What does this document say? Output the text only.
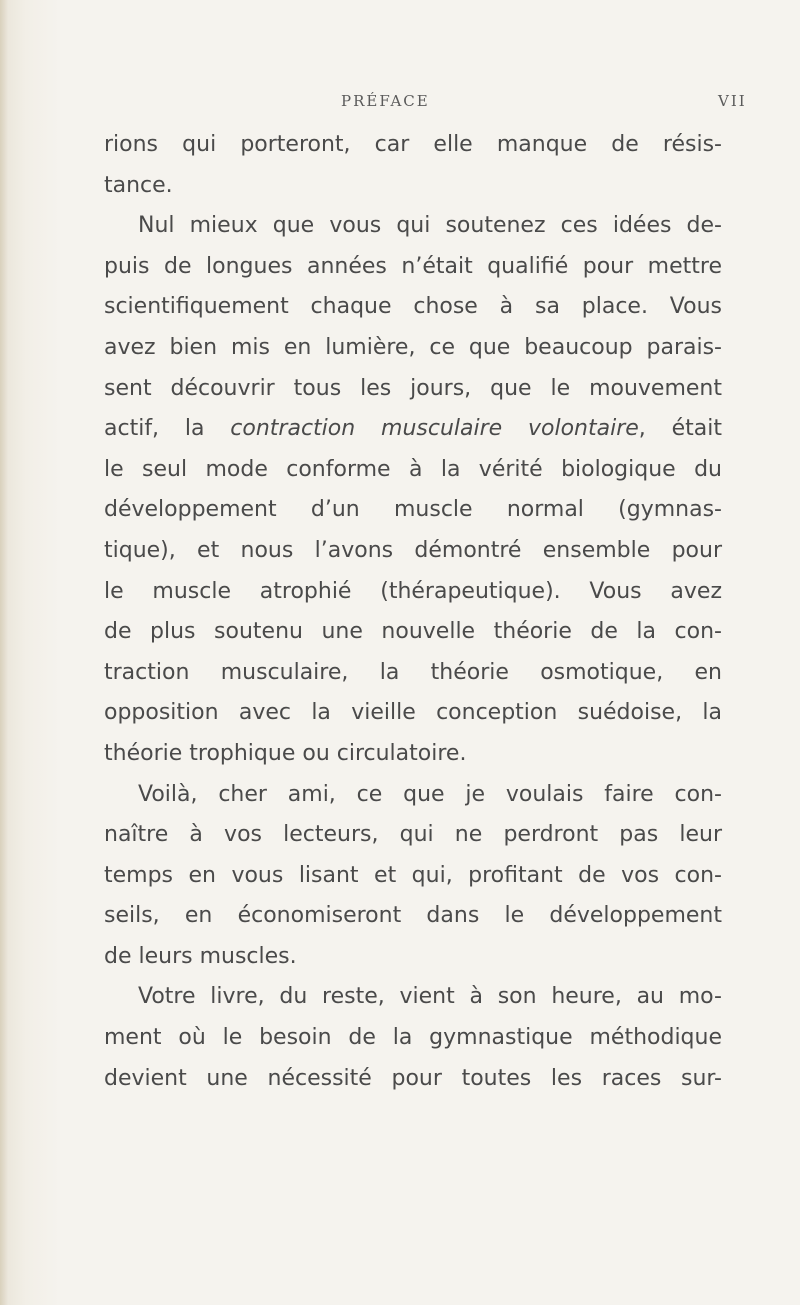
PRÉFACE	VII
rions qui porteront, car elle manque de résis-
tance.
Nul mieux que vous qui soutenez ces idées de-
puis de longues années n’était qualifié pour mettre
scientifiquement chaque chose à sa place. Vous
avez bien mis en lumière, ce que beaucoup parais-
sent découvrir tous les jours, que le mouvement
actif, la contraction musculaire volontaire, était
le seul mode conforme à la vérité biologique du
développement d’un muscle normal (gymnas-
tique), et nous l’avons démontré ensemble pour
le muscle atrophié (thérapeutique). Vous avez
de plus soutenu une nouvelle théorie de la con-
traction musculaire, la théorie osmotique, en
opposition avec la vieille conception suédoise, la
théorie trophique ou circulatoire.
Voilà, cher ami, ce que je voulais faire con-
naître à vos lecteurs, qui ne perdront pas leur
temps en vous lisant et qui, profitant de vos con-
seils, en économiseront dans le développement
de leurs muscles.
Votre livre, du reste, vient à son heure, au mo-
ment où le besoin de la gymnastique méthodique
devient une nécessité pour toutes les races sur-
